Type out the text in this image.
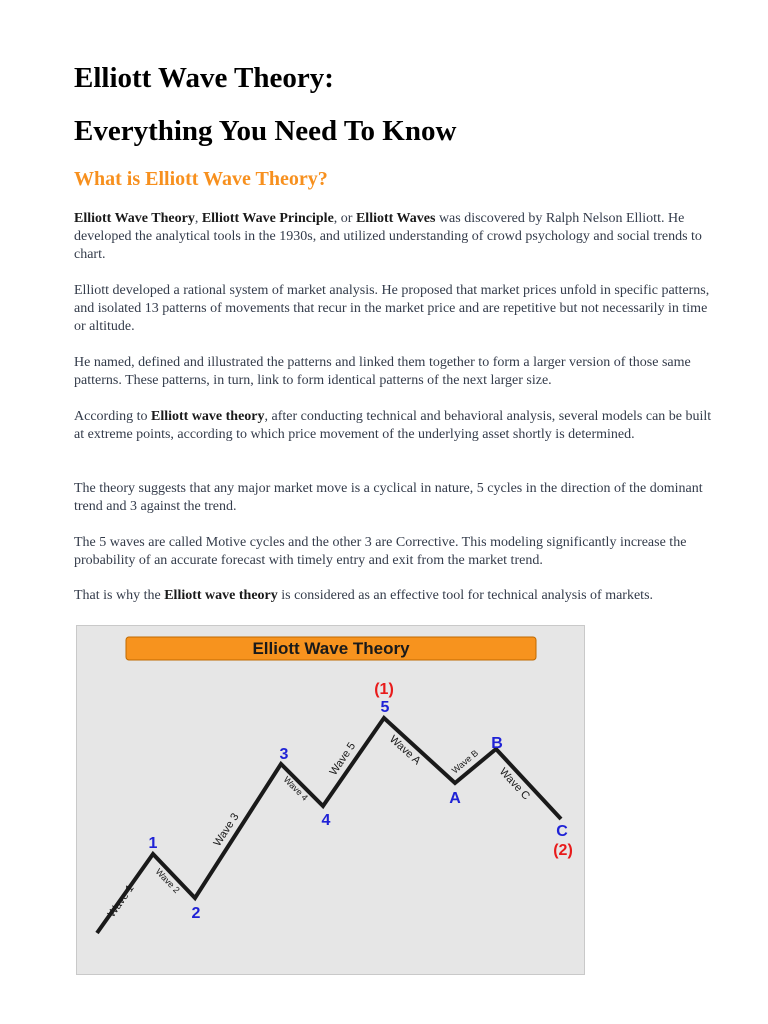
Elliott Wave Theory:
Everything You Need To Know
What is Elliott Wave Theory?

Elliott Wave Theory, Elliott Wave Principle, or Elliott Waves was discovered by Ralph Nelson Elliott. He developed the analytical tools in the 1930s, and utilized understanding of crowd psychology and social trends to chart.

Elliott developed a rational system of market analysis. He proposed that market prices unfold in specific patterns, and isolated 13 patterns of movements that recur in the market price and are repetitive but not necessarily in time or altitude.

He named, defined and illustrated the patterns and linked them together to form a larger version of those same patterns. These patterns, in turn, link to form identical patterns of the next larger size.

According to Elliott wave theory, after conducting technical and behavioral analysis, several models can be built at extreme points, according to which price movement of the underlying asset shortly is determined.

The theory suggests that any major market move is a cyclical in nature, 5 cycles in the direction of the dominant trend and 3 against the trend.

The 5 waves are called Motive cycles and the other 3 are Corrective. This modeling significantly increase the probability of an accurate forecast with timely entry and exit from the market trend.

That is why the Elliott wave theory is considered as an effective tool for technical analysis of markets.

Elliott Wave Theory
Wave 1
Wave 2
Wave 3
Wave 4
Wave 5	Wave A	Wave B
Wave C
1
2
3
4
5
A
B
C
(1)
(2)
